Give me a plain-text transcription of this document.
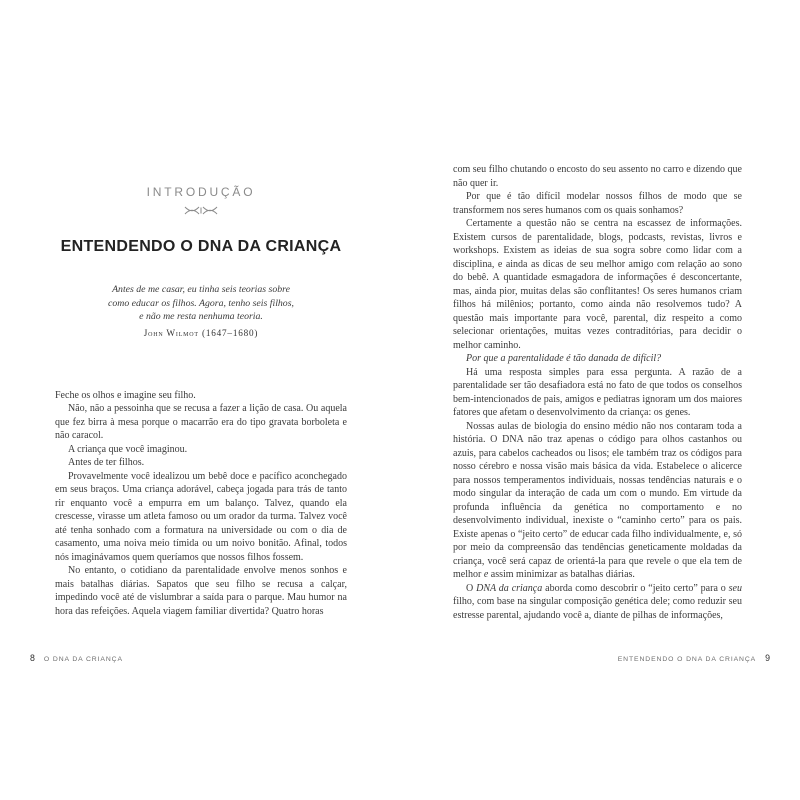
INTRODUÇÃO
ENTENDENDO O DNA DA CRIANÇA
Antes de me casar, eu tinha seis teorias sobre
como educar os filhos. Agora, tenho seis filhos,
e não me resta nenhuma teoria.
John Wilmot (1647–1680)

Feche os olhos e imagine seu filho.

Não, não a pessoinha que se recusa a fazer a lição de casa. Ou aquela que fez birra à mesa porque o macarrão era do tipo gravata borboleta e não caracol.

A criança que você imaginou.

Antes de ter filhos.

Provavelmente você idealizou um bebê doce e pacífico aconchegado em seus braços. Uma criança adorável, cabeça jogada para trás de tanto rir enquanto você a empurra em um balanço. Talvez, quando ela crescesse, virasse um atleta famoso ou um orador da turma. Talvez você até tenha sonhado com a formatura na universidade ou com o dia de casamento, uma noiva meio tímida ou um noivo bonitão. Afinal, todos nós imaginávamos quem queríamos que nossos filhos fossem.

No entanto, o cotidiano da parentalidade envolve menos sonhos e mais batalhas diárias. Sapatos que seu filho se recusa a calçar, impedindo você até de vislumbrar a saída para o parque. Mau humor na hora das refeições. Aquela viagem familiar divertida? Quatro horas

com seu filho chutando o encosto do seu assento no carro e dizendo que não quer ir.

Por que é tão difícil modelar nossos filhos de modo que se transformem nos seres humanos com os quais sonhamos?

Certamente a questão não se centra na escassez de informações. Existem cursos de parentalidade, blogs, podcasts, revistas, livros e workshops. Existem as ideias de sua sogra sobre como lidar com a disciplina, e ainda as dicas de seu melhor amigo com relação ao sono do bebê. A quantidade esmagadora de informações é desconcertante, mas, ainda pior, muitas delas são conflitantes! Os seres humanos criam filhos há milênios; portanto, como ainda não resolvemos tudo? A questão mais importante para você, parental, diz respeito a como selecionar orientações, muitas vezes contraditórias, para decidir o melhor caminho.

Por que a parentalidade é tão danada de difícil?

Há uma resposta simples para essa pergunta. A razão de a parentalidade ser tão desafiadora está no fato de que todos os conselhos bem-intencionados de pais, amigos e pediatras ignoram um dos maiores fatores que afetam o desenvolvimento da criança: os genes.

Nossas aulas de biologia do ensino médio não nos contaram toda a história. O DNA não traz apenas o código para olhos castanhos ou azuis, para cabelos cacheados ou lisos; ele também traz os códigos para nosso cérebro e nossa visão mais básica da vida. Estabelece o alicerce para nossos temperamentos individuais, nossas tendências naturais e o modo singular da interação de cada um com o mundo. Em virtude da profunda influência da genética no comportamento e no desenvolvimento individual, inexiste o “caminho certo” para os pais. Existe apenas o “jeito certo” de educar cada filho individualmente, e, só por meio da compreensão das tendências geneticamente moldadas da criança, você será capaz de orientá-la para que revele o que ela tem de melhor e assim minimizar as batalhas diárias.

O DNA da criança aborda como descobrir o “jeito certo” para o seu filho, com base na singular composição genética dele; como reduzir seu estresse parental, ajudando você a, diante de pilhas de informações,

8 O DNA DA CRIANÇA	ENTENDENDO O DNA DA CRIANÇA 9
